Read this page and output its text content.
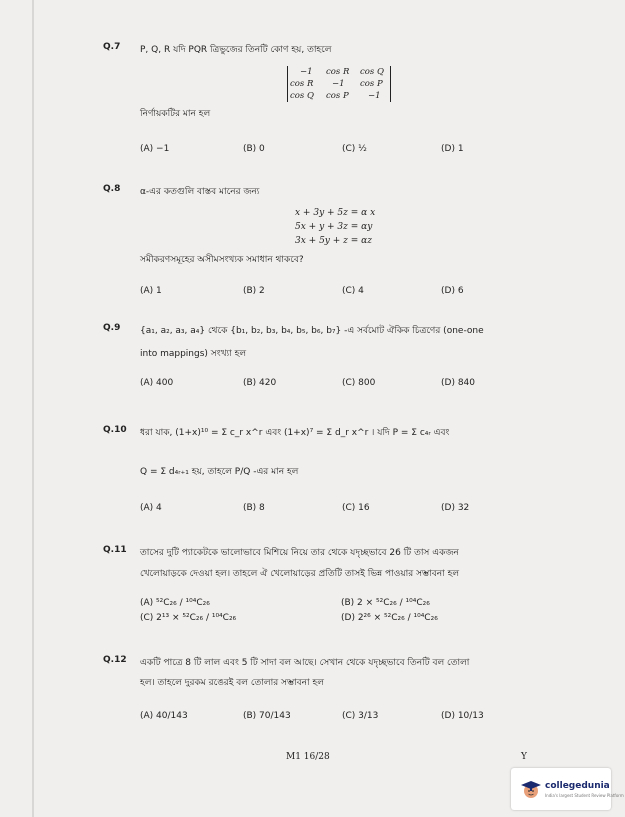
Q.7 P, Q, R যদি PQR ত্রিভুজের তিনটি কোণ হয়, তাহলে
−1 cos R cos Q
cos R −1 cos P
cos Q cos P −1
নির্ণায়কটির মান হল
(A) −1	(B) 0	(C) ½	(D) 1
Q.8 α-এর কতগুলি বাস্তব মানের জন্য
x + 3y + 5z = α x
5x + y + 3z = αy
3x + 5y + z = αz
সমীকরণসমূহের অসীমসংখ্যক সমাধান থাকবে?
(A) 1	(B) 2	(C) 4	(D) 6
Q.9 {a₁, a₂, a₃, a₄} থেকে {b₁, b₂, b₃, b₄, b₅, b₆, b₇} -এ সর্বমোট ঐকিক চিত্রণের (one-one
into mappings) সংখ্যা হল
(A) 400	(B) 420	(C) 800	(D) 840
Q.10 ধরা যাক, (1+x)¹⁰ = Σ c_r x^r এবং (1+x)⁷ = Σ d_r x^r । যদি P = Σ c₄ᵣ এবং
Q = Σ d₄ᵣ₊₁ হয়, তাহলে P/Q -এর মান হল
(A) 4	(B) 8	(C) 16	(D) 32
Q.11 তাসের দুটি প্যাকেটকে ভালোভাবে মিশিয়ে নিয়ে তার থেকে যদৃচ্ছভাবে 26 টি তাস একজন
খেলোয়াড়কে দেওয়া হল। তাহলে ঐ খেলোয়াড়ের প্রতিটি তাসই ভিন্ন পাওয়ার সম্ভাবনা হল
(A) ⁵²C₂₆ / ¹⁰⁴C₂₆	(B) 2 × ⁵²C₂₆ / ¹⁰⁴C₂₆
(C) 2¹³ × ⁵²C₂₆ / ¹⁰⁴C₂₆	(D) 2²⁶ × ⁵²C₂₆ / ¹⁰⁴C₂₆
Q.12 একটি পাত্রে 8 টি লাল এবং 5 টি সাদা বল আছে। সেখান থেকে যদৃচ্ছভাবে তিনটি বল তোলা
হল। তাহলে দুরকম রঙেরই বল তোলার সম্ভাবনা হল
(A) 40/143	(B) 70/143	(C) 3/13	(D) 10/13
M1 16/28	Y
collegedunia
India's largest Student Review Platform
